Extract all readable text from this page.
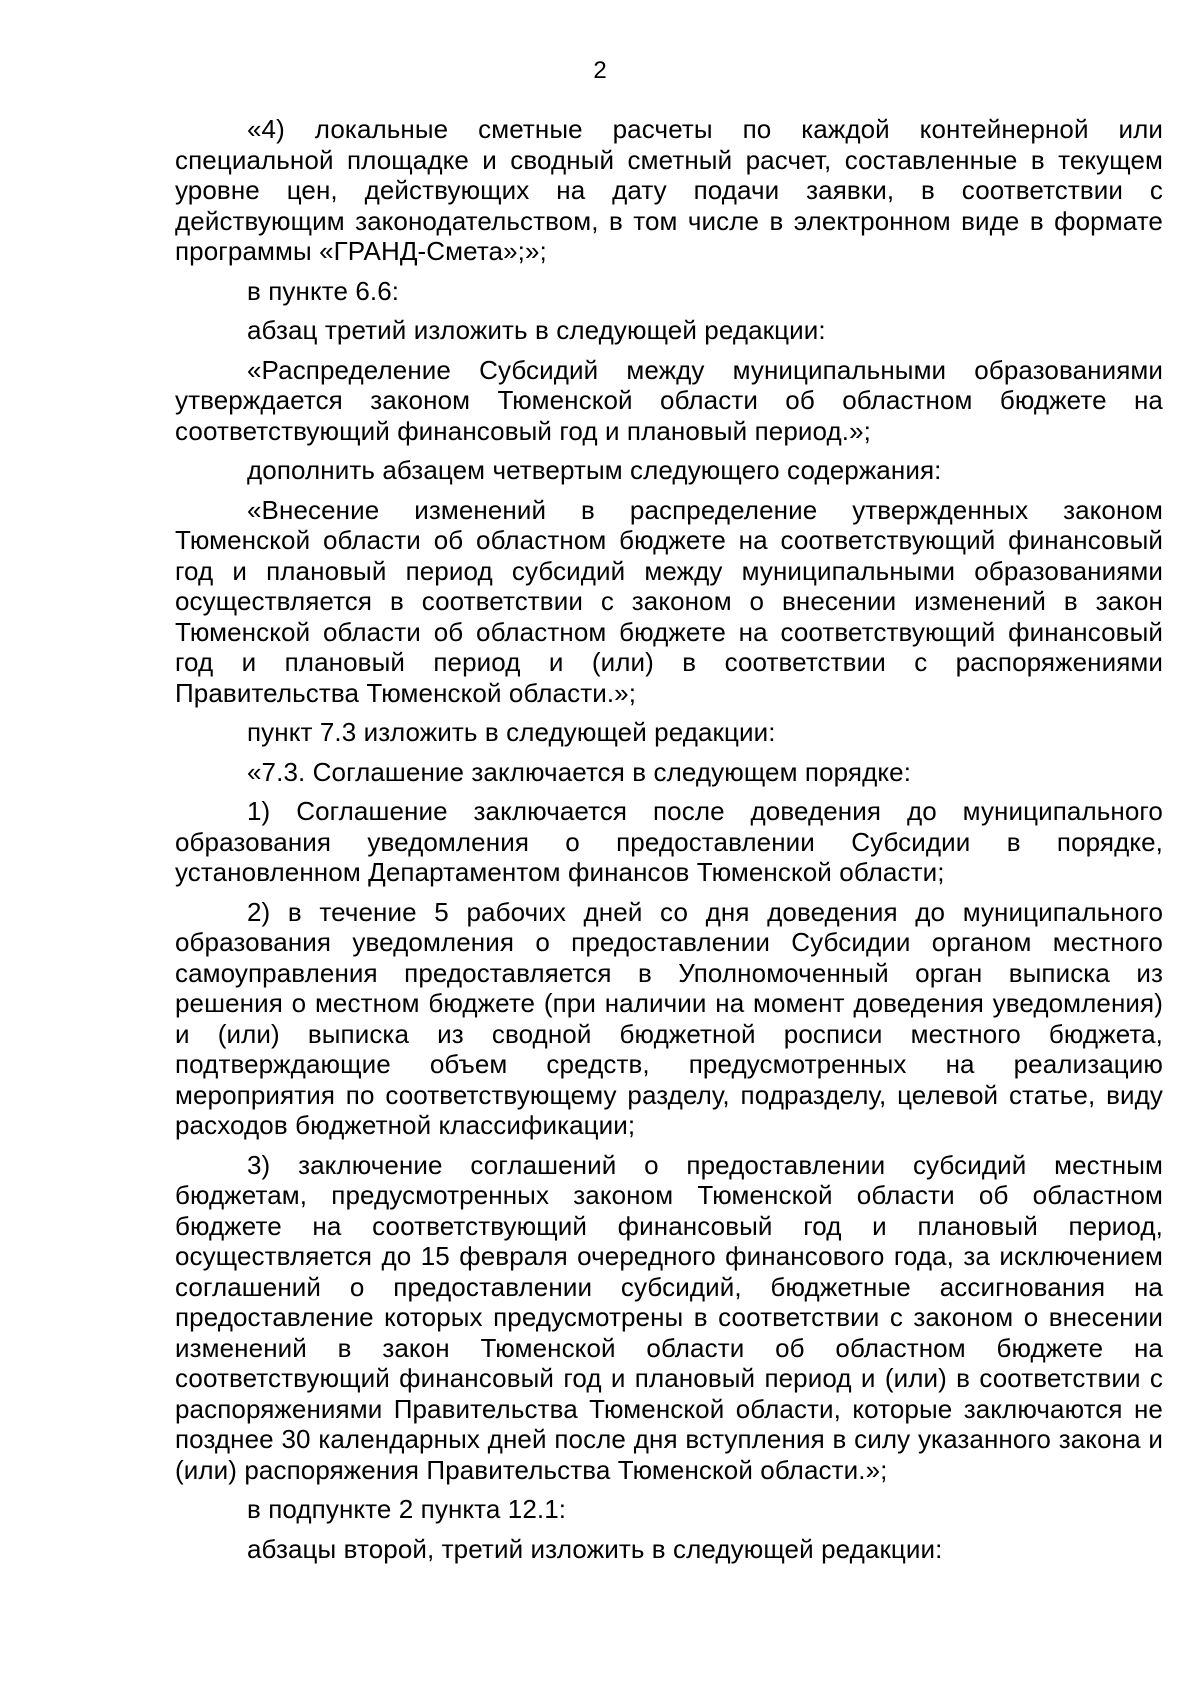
2

«4) локальные сметные расчеты по каждой контейнерной или специальной площадке и сводный сметный расчет, составленные в текущем уровне цен, действующих на дату подачи заявки, в соответствии с действующим законодательством, в том числе в электронном виде в формате программы «ГРАНД-Смета»;»;

в пункте 6.6:

абзац третий изложить в следующей редакции:

«Распределение Субсидий между муниципальными образованиями утверждается законом Тюменской области об областном бюджете на соответствующий финансовый год и плановый период.»;

дополнить абзацем четвертым следующего содержания:

«Внесение изменений в распределение утвержденных законом Тюменской области об областном бюджете на соответствующий финансовый год и плановый период субсидий между муниципальными образованиями осуществляется в соответствии с законом о внесении изменений в закон Тюменской области об областном бюджете на соответствующий финансовый год и плановый период и (или) в соответствии с распоряжениями Правительства Тюменской области.»;

пункт 7.3 изложить в следующей редакции:

«7.3. Соглашение заключается в следующем порядке:

1) Соглашение заключается после доведения до муниципального образования уведомления о предоставлении Субсидии в порядке, установленном Департаментом финансов Тюменской области;

2) в течение 5 рабочих дней со дня доведения до муниципального образования уведомления о предоставлении Субсидии органом местного самоуправления предоставляется в Уполномоченный орган выписка из решения о местном бюджете (при наличии на момент доведения уведомления) и (или) выписка из сводной бюджетной росписи местного бюджета, подтверждающие объем средств, предусмотренных на реализацию мероприятия по соответствующему разделу, подразделу, целевой статье, виду расходов бюджетной классификации;

3) заключение соглашений о предоставлении субсидий местным бюджетам, предусмотренных законом Тюменской области об областном бюджете на соответствующий финансовый год и плановый период, осуществляется до 15 февраля очередного финансового года, за исключением соглашений о предоставлении субсидий, бюджетные ассигнования на предоставление которых предусмотрены в соответствии с законом о внесении изменений в закон Тюменской области об областном бюджете на соответствующий финансовый год и плановый период и (или) в соответствии с распоряжениями Правительства Тюменской области, которые заключаются не позднее 30 календарных дней после дня вступления в силу указанного закона и (или) распоряжения Правительства Тюменской области.»;

в подпункте 2 пункта 12.1:

абзацы второй, третий изложить в следующей редакции:
